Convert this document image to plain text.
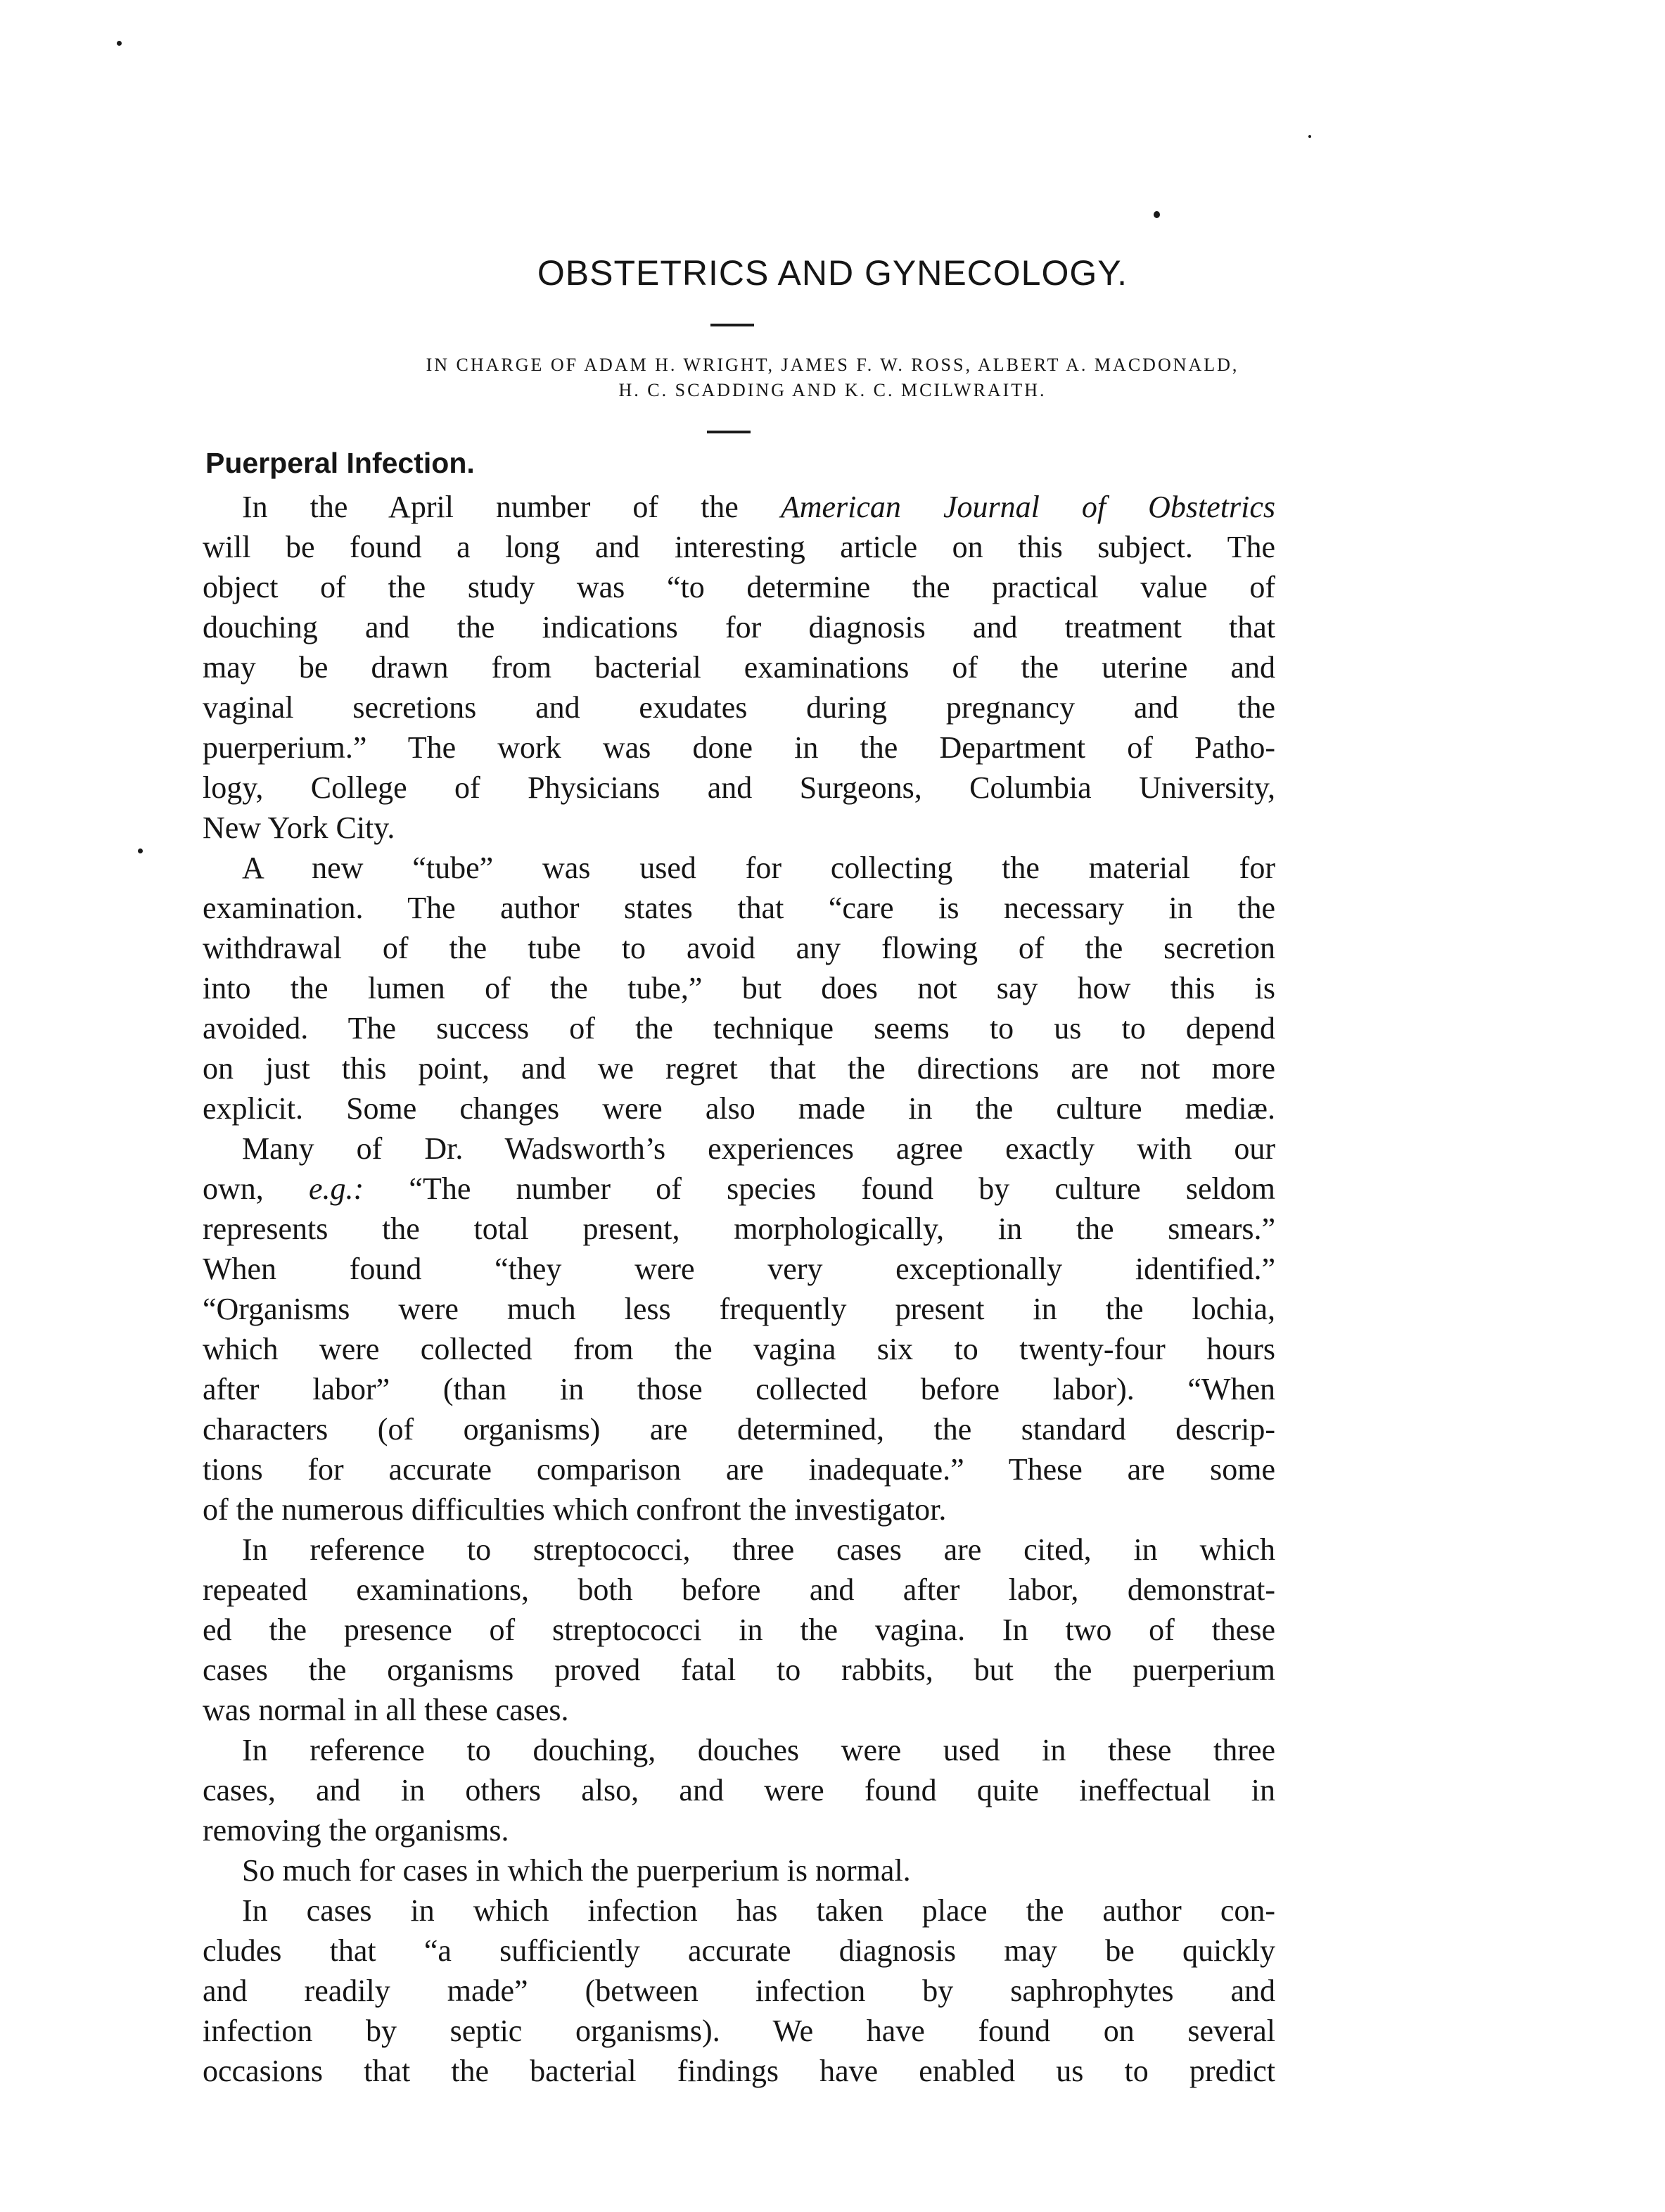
OBSTETRICS AND GYNECOLOGY.
IN CHARGE OF ADAM H. WRIGHT, JAMES F. W. ROSS, ALBERT A. MACDONALD,
H. C. SCADDING AND K. C. MCILWRAITH.
Puerperal Infection.
In the April number of the American Journal of Obstetrics
will be found a long and interesting article on this subject. The
object of the study was “to determine the practical value of
douching and the indications for diagnosis and treatment that
may be drawn from bacterial examinations of the uterine and
vaginal secretions and exudates during pregnancy and the
puerperium.” The work was done in the Department of Patho-
logy, College of Physicians and Surgeons, Columbia University,
New York City.
A new “tube” was used for collecting the material for
examination. The author states that “care is necessary in the
withdrawal of the tube to avoid any flowing of the secretion
into the lumen of the tube,” but does not say how this is
avoided. The success of the technique seems to us to depend
on just this point, and we regret that the directions are not more
explicit. Some changes were also made in the culture mediæ.
Many of Dr. Wadsworth’s experiences agree exactly with our
own, e.g.: “The number of species found by culture seldom
represents the total present, morphologically, in the smears.”
When found “they were very exceptionally identified.”
“Organisms were much less frequently present in the lochia,
which were collected from the vagina six to twenty-four hours
after labor” (than in those collected before labor). “When
characters (of organisms) are determined, the standard descrip-
tions for accurate comparison are inadequate.” These are some
of the numerous difficulties which confront the investigator.
In reference to streptococci, three cases are cited, in which
repeated examinations, both before and after labor, demonstrat-
ed the presence of streptococci in the vagina. In two of these
cases the organisms proved fatal to rabbits, but the puerperium
was normal in all these cases.
In reference to douching, douches were used in these three
cases, and in others also, and were found quite ineffectual in
removing the organisms.
So much for cases in which the puerperium is normal.
In cases in which infection has taken place the author con-
cludes that “a sufficiently accurate diagnosis may be quickly
and readily made” (between infection by saphrophytes and
infection by septic organisms). We have found on several
occasions that the bacterial findings have enabled us to predict
